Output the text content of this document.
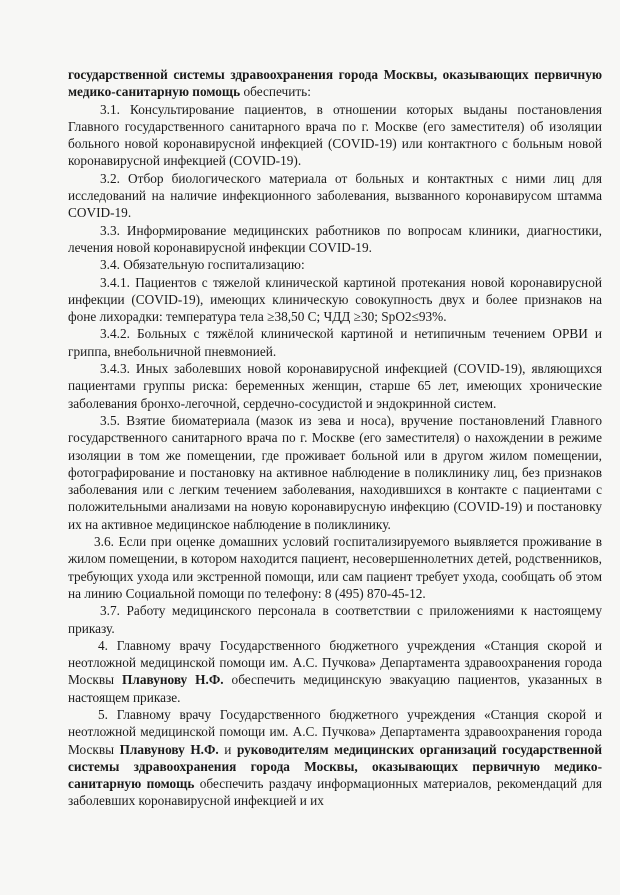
государственной системы здравоохранения города Москвы, оказывающих первичную медико-санитарную помощь обеспечить:

3.1. Консультирование пациентов, в отношении которых выданы постановления Главного государственного санитарного врача по г. Москве (его заместителя) об изоляции больного новой коронавирусной инфекцией (COVID-19) или контактного с больным новой коронавирусной инфекцией (COVID-19).

3.2. Отбор биологического материала от больных и контактных с ними лиц для исследований на наличие инфекционного заболевания, вызванного коронавирусом штамма COVID-19.

3.3. Информирование медицинских работников по вопросам клиники, диагностики, лечения новой коронавирусной инфекции COVID-19.

3.4. Обязательную госпитализацию:

3.4.1. Пациентов с тяжелой клинической картиной протекания новой коронавирусной инфекции (COVID-19), имеющих клиническую совокупность двух и более признаков на фоне лихорадки: температура тела ≥38,50 С; ЧДД ≥30; SpO2≤93%.

3.4.2. Больных с тяжёлой клинической картиной и нетипичным течением ОРВИ и гриппа, внебольничной пневмонией.

3.4.3. Иных заболевших новой коронавирусной инфекцией (COVID-19), являющихся пациентами группы риска: беременных женщин, старше 65 лет, имеющих хронические заболевания бронхо-легочной, сердечно-сосудистой и эндокринной систем.

3.5. Взятие биоматериала (мазок из зева и носа), вручение постановлений Главного государственного санитарного врача по г. Москве (его заместителя) о нахождении в режиме изоляции в том же помещении, где проживает больной или в другом жилом помещении, фотографирование и постановку на активное наблюдение в поликлинику лиц, без признаков заболевания или с легким течением заболевания, находившихся в контакте с пациентами с положительными анализами на новую коронавирусную инфекцию (COVID-19) и постановку их на активное медицинское наблюдение в поликлинику.

3.6. Если при оценке домашних условий госпитализируемого выявляется проживание в жилом помещении, в котором находится пациент, несовершеннолетних детей, родственников, требующих ухода или экстренной помощи, или сам пациент требует ухода, сообщать об этом на линию Социальной помощи по телефону: 8 (495) 870-45-12.

3.7. Работу медицинского персонала в соответствии с приложениями к настоящему приказу.

4. Главному врачу Государственного бюджетного учреждения «Станция скорой и неотложной медицинской помощи им. А.С. Пучкова» Департамента здравоохранения города Москвы Плавунову Н.Ф. обеспечить медицинскую эвакуацию пациентов, указанных в настоящем приказе.

5. Главному врачу Государственного бюджетного учреждения «Станция скорой и неотложной медицинской помощи им. А.С. Пучкова» Департамента здравоохранения города Москвы Плавунову Н.Ф. и руководителям медицинских организаций государственной системы здравоохранения города Москвы, оказывающих первичную медико-санитарную помощь обеспечить раздачу информационных материалов, рекомендаций для заболевших коронавирусной инфекцией и их
